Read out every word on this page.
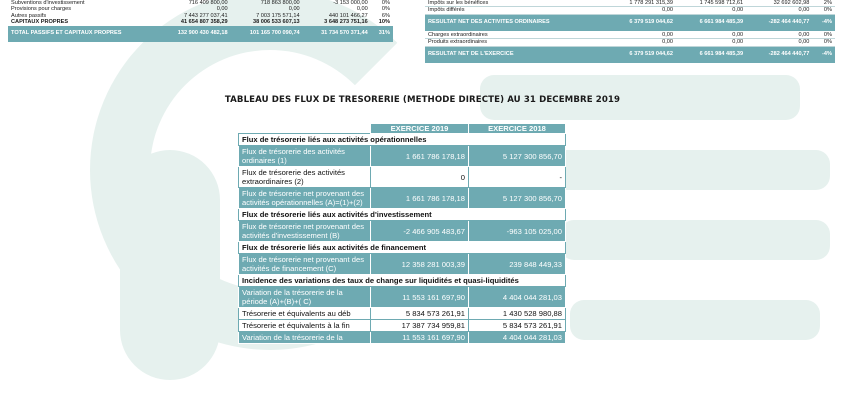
Subventions d'investissement	716 409 800,00	718 863 800,00	-3 153 000,00	0%
Provisions pour charges	0,00	0,00	0,00	0%
Autres passifs	7 443 277 037,41	7 003 175 571,14	440 101 466,27	6%
CAPITAUX PROPRES	41 654 807 358,29	38 006 533 607,13	3 648 273 751,16	10%
TOTAL PASSIFS ET CAPITAUX PROPRES	132 900 430 482,18	101 165 700 090,74	31 734 570 371,44	31%
Impôts sur les bénéfices	1 778 291 315,39	1 745 598 712,61	32 692 602,98	2%
Impôts différés	0,00	0,00	0,00	0%
RESULTAT NET DES ACTIVITES ORDINAIRES	6 379 519 044,62	6 661 984 485,39	-282 464 440,77	-4%
Charges extraordinaires	0,00	0,00	0,00	0%
Produits extraordinaires	0,00	0,00	0,00	0%
RESULTAT NET DE L'EXERCICE	6 379 519 044,62	6 661 984 485,39	-282 464 440,77	-4%
TABLEAU DES FLUX DE TRESORERIE (METHODE DIRECTE) AU 31 DECEMBRE 2019
	EXERCICE 2019	EXERCICE 2018
Flux de trésorerie liés aux activités opérationnelles		
Flux de trésorerie des activités ordinaires (1)	1 661 786 178,18	5 127 300 856,70
Flux de trésorerie des activités extraordinaires (2)	0	-
Flux de trésorerie net provenant des activités opérationnelles (A)=(1)+(2)	1 661 786 178,18	5 127 300 856,70
Flux de trésorerie liés aux activités d'investissement		
Flux de trésorerie net provenant des activités d'investissement (B)	-2 466 905 483,67	-963 105 025,00
Flux de trésorerie liés aux activités de financement		
Flux de trésorerie net provenant des activités de financement (C)	12 358 281 003,39	239 848 449,33
Incidence des variations des taux de change sur liquidités et quasi-liquidités		
Variation de la trésorerie de la période (A)+(B)+( C)	11 553 161 697,90	4 404 044 281,03
Trésorerie et équivalents au déb	5 834 573 261,91	1 430 528 980,88
Trésorerie et équivalents à la fin	17 387 734 959,81	5 834 573 261,91
Variation de la trésorerie de la	11 553 161 697,90	4 404 044 281,03
